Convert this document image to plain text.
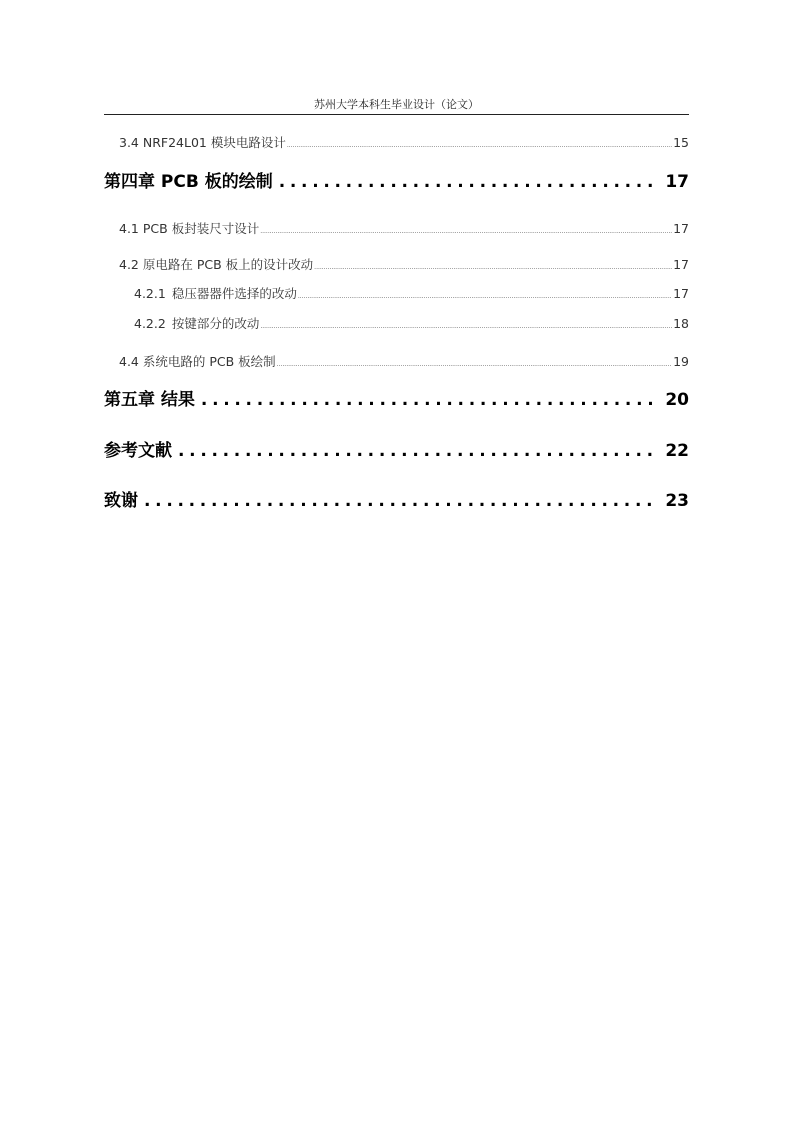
苏州大学本科生毕业设计（论文）
3.4 NRF24L01 模块电路设计 .....	15
第四章 PCB 板的绘制 .....	17
4.1 PCB 板封装尺寸设计 .....	17
4.2 原电路在 PCB 板上的设计改动 .....	17
4.2.1 稳压器器件选择的改动 .....	17
4.2.2 按键部分的改动 .....	18
4.4 系统电路的 PCB 板绘制 .....	19
第五章 结果 .....	20
参考文献 .....	22
致谢 .....	23
